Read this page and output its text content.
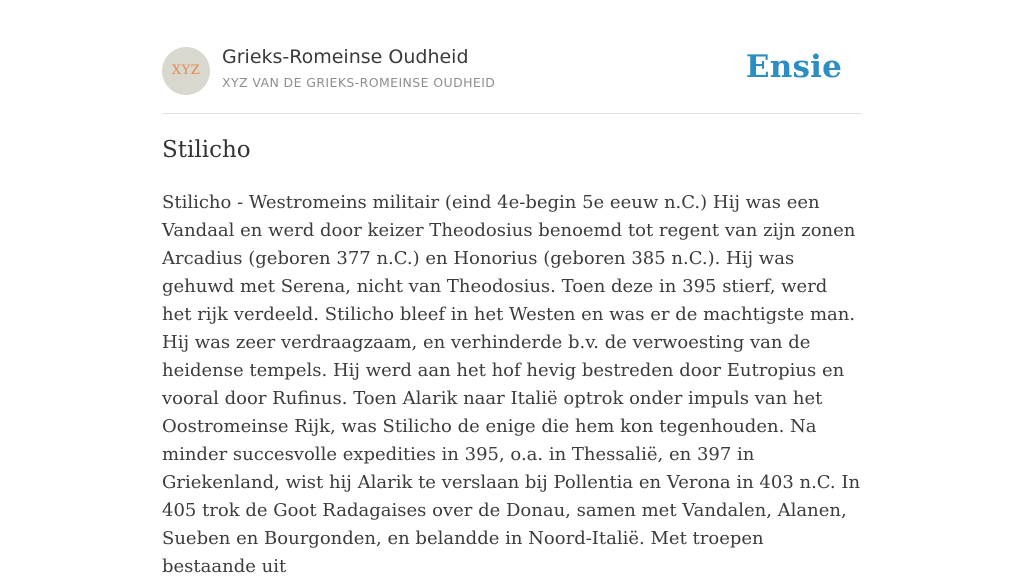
XYZ
Grieks-Romeinse Oudheid
XYZ VAN DE GRIEKS-ROMEINSE OUDHEID	Ensie
Stilicho

Stilicho - Westromeins militair (eind 4e-begin 5e eeuw n.C.) Hij was een Vandaal en werd door keizer Theodosius benoemd tot regent van zijn zonen Arcadius (geboren 377 n.C.) en Honorius (geboren 385 n.C.). Hij was gehuwd met Serena, nicht van Theodosius. Toen deze in 395 stierf, werd het rijk verdeeld. Stilicho bleef in het Westen en was er de machtigste man. Hij was zeer verdraagzaam, en verhinderde b.v. de verwoesting van de heidense tempels. Hij werd aan het hof hevig bestreden door Eutropius en vooral door Rufinus. Toen Alarik naar Italië optrok onder impuls van het Oostromeinse Rijk, was Stilicho de enige die hem kon tegenhouden. Na minder succesvolle expedities in 395, o.a. in Thessalië, en 397 in Griekenland, wist hij Alarik te verslaan bij Pollentia en Verona in 403 n.C. In 405 trok de Goot Radagaises over de Donau, samen met Vandalen, Alanen, Sueben en Bourgonden, en belandde in Noord-Italië. Met troepen bestaande uit
